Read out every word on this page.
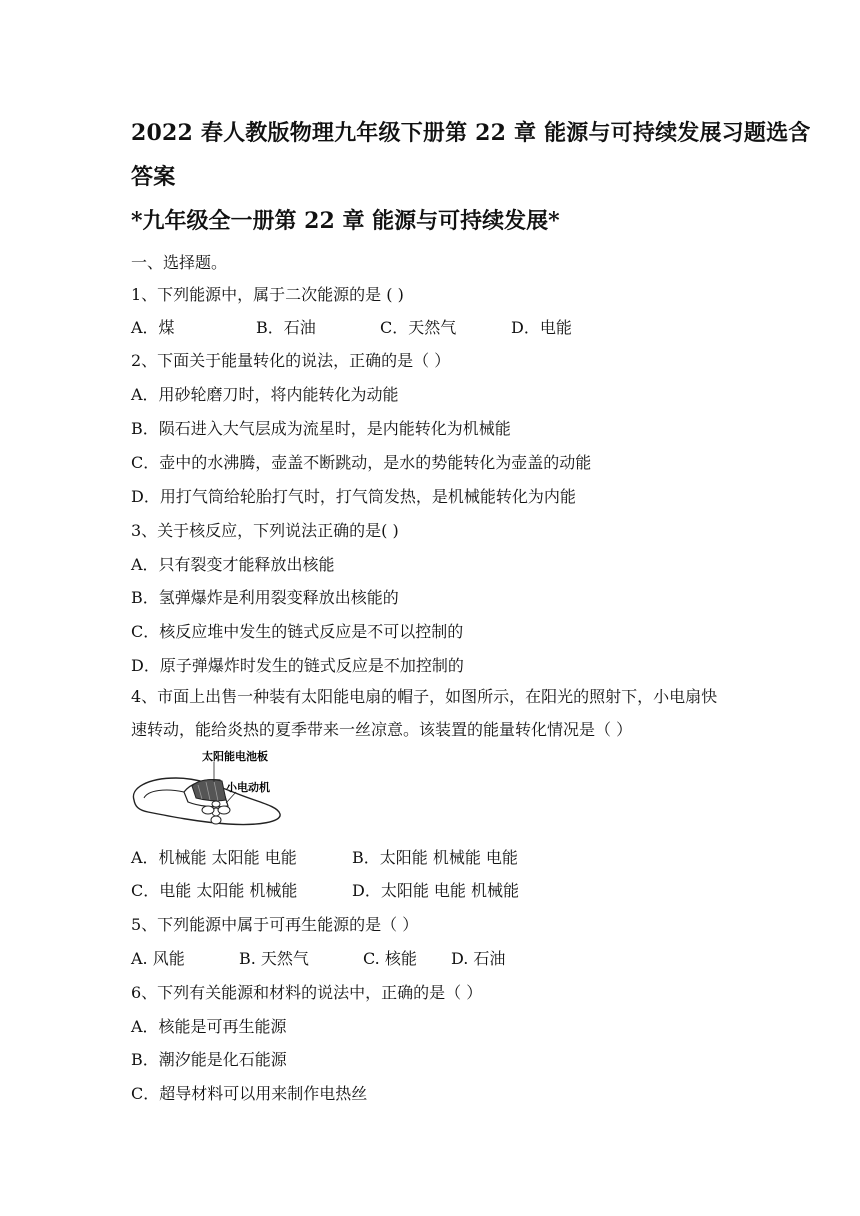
2022 春人教版物理九年级下册第 22 章 能源与可持续发展习题选含
答案
*九年级全一册第 22 章 能源与可持续发展*
一、选择题。
1、下列能源中，属于二次能源的是 ( )
A．煤	B．石油	C．天然气	D．电能
2、下面关于能量转化的说法，正确的是（ ）
A．用砂轮磨刀时，将内能转化为动能
B．陨石进入大气层成为流星时，是内能转化为机械能
C．壶中的水沸腾，壶盖不断跳动，是水的势能转化为壶盖的动能
D．用打气筒给轮胎打气时，打气筒发热，是机械能转化为内能
3、关于核反应，下列说法正确的是( )
A．只有裂变才能释放出核能
B．氢弹爆炸是利用裂变释放出核能的
C．核反应堆中发生的链式反应是不可以控制的
D．原子弹爆炸时发生的链式反应是不加控制的
4、市面上出售一种装有太阳能电扇的帽子，如图所示，在阳光的照射下，小电扇快速转动，能给炎热的夏季带来一丝凉意。该装置的能量转化情况是（ ）
太阳能电池板
小电动机
A．机械能 太阳能 电能	B．太阳能 机械能 电能
C．电能 太阳能 机械能	D．太阳能 电能 机械能
5、下列能源中属于可再生能源的是（ ）
A. 风能	B. 天然气	C. 核能 D. 石油
6、下列有关能源和材料的说法中，正确的是（ ）
A．核能是可再生能源
B．潮汐能是化石能源
C．超导材料可以用来制作电热丝
